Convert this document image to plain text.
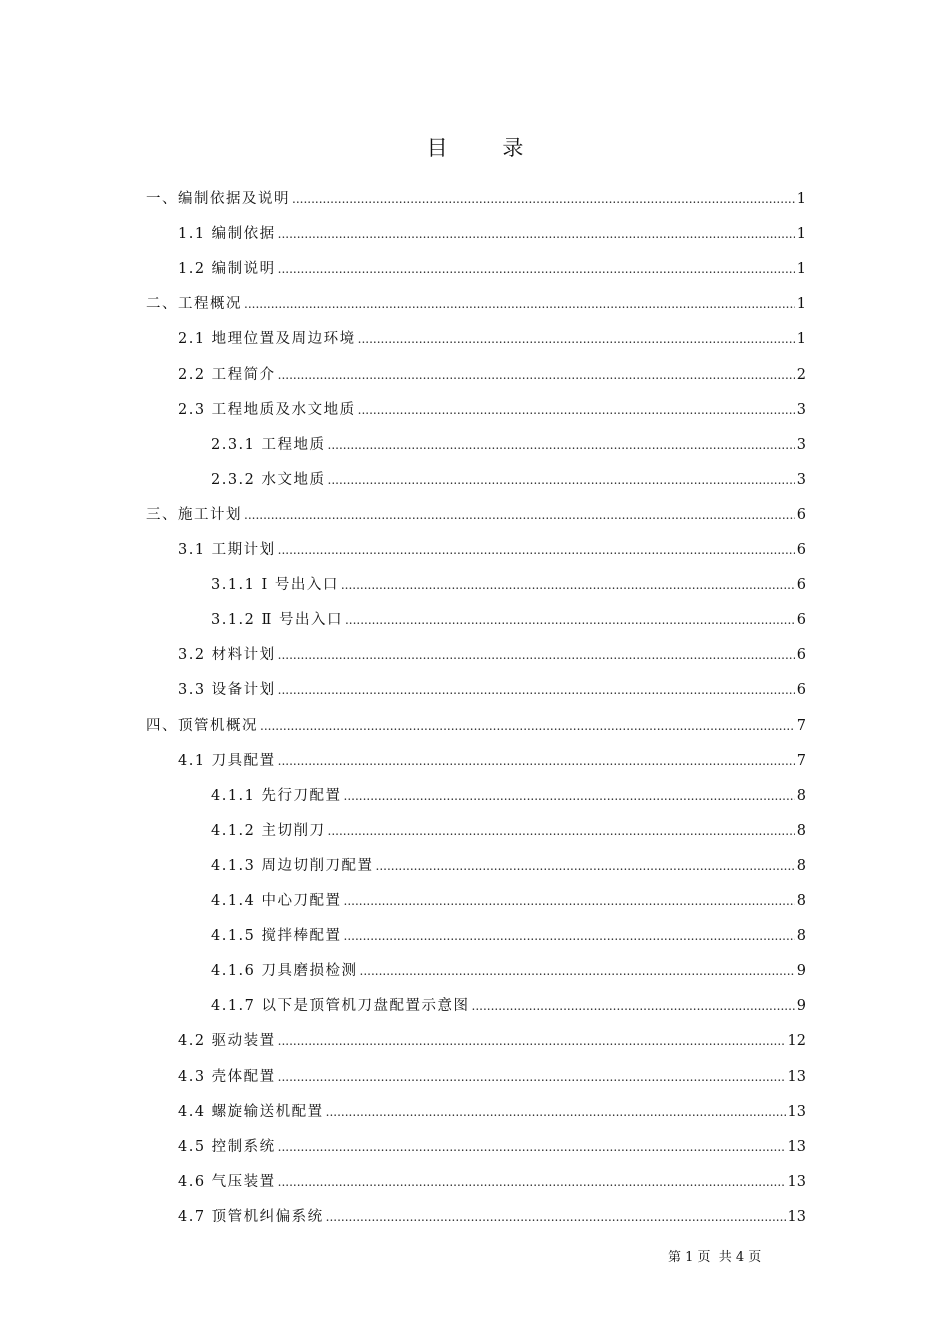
目 录
一、编制依据及说明 .....	1
1.1 编制依据 .....	1
1.2 编制说明 .....	1
二、工程概况 .....	1
2.1 地理位置及周边环境 .....	1
2.2 工程简介 .....	2
2.3 工程地质及水文地质 .....	3
2.3.1 工程地质 .....	3
2.3.2 水文地质 .....	3
三、施工计划 .....	6
3.1 工期计划 .....	6
3.1.1 Ⅰ 号出入口 .....	6
3.1.2 Ⅱ 号出入口 .....	6
3.2 材料计划 .....	6
3.3 设备计划 .....	6
四、顶管机概况 .....	7
4.1 刀具配置 .....	7
4.1.1 先行刀配置 .....	8
4.1.2 主切削刀 .....	8
4.1.3 周边切削刀配置 .....	8
4.1.4 中心刀配置 .....	8
4.1.5 搅拌棒配置 .....	8
4.1.6 刀具磨损检测 .....	9
4.1.7 以下是顶管机刀盘配置示意图 .....	9
4.2 驱动装置 .....	12
4.3 壳体配置 .....	13
4.4 螺旋输送机配置 .....	13
4.5 控制系统 .....	13
4.6 气压装置 .....	13
4.7 顶管机纠偏系统 .....	13
第 1 页 共 4 页
